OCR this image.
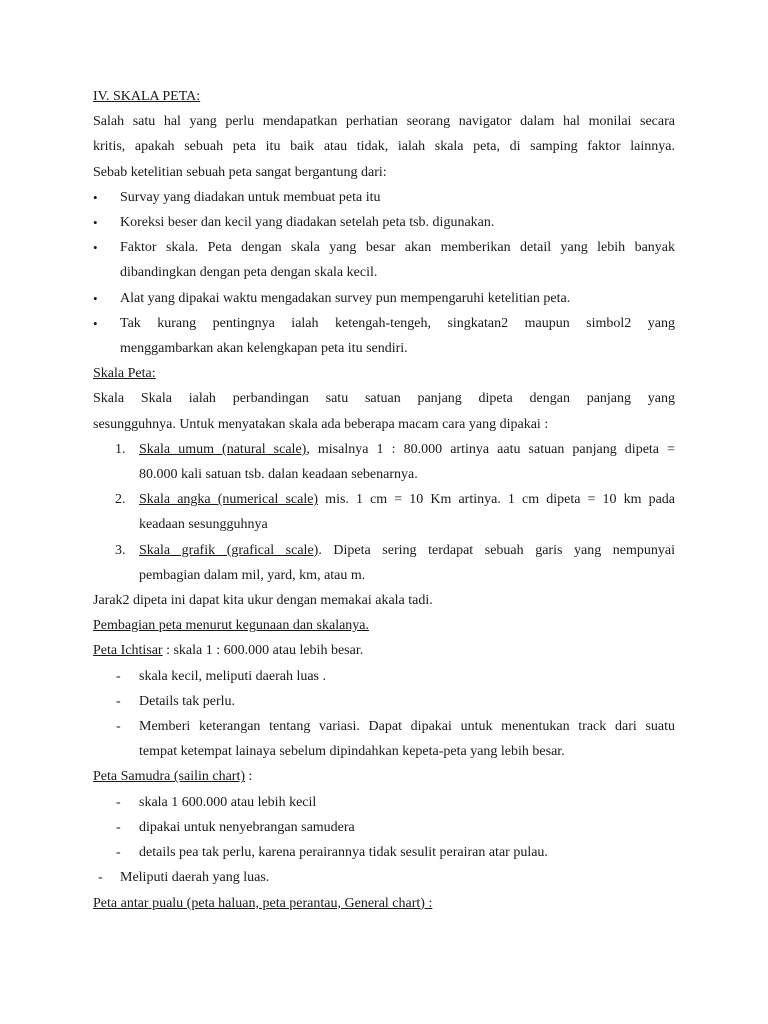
IV. SKALA PETA:
Salah satu hal yang perlu mendapatkan perhatian seorang navigator dalam hal monilai secara
kritis, apakah sebuah peta itu baik atau tidak, ialah skala peta, di samping faktor lainnya.
Sebab ketelitian sebuah peta sangat bergantung dari:
• Survay yang diadakan untuk membuat peta itu
• Koreksi beser dan kecil yang diadakan setelah peta tsb. digunakan.
• Faktor skala. Peta dengan skala yang besar akan memberikan detail yang lebih banyak
dibandingkan dengan peta dengan skala kecil.
• Alat yang dipakai waktu mengadakan survey pun mempengaruhi ketelitian peta.
• Tak kurang pentingnya ialah ketengah-tengeh, singkatan2 maupun simbol2 yang
menggambarkan akan kelengkapan peta itu sendiri.
Skala Peta:
Skala Skala ialah perbandingan satu satuan panjang dipeta dengan panjang yang
sesungguhnya. Untuk menyatakan skala ada beberapa macam cara yang dipakai :
1. Skala umum (natural scale), misalnya 1 : 80.000 artinya aatu satuan panjang dipeta =
80.000 kali satuan tsb. dalan keadaan sebenarnya.
2. Skala angka (numerical scale) mis. 1 cm = 10 Km artinya. 1 cm dipeta = 10 km pada
keadaan sesungguhnya
3. Skala grafik (grafical scale). Dipeta sering terdapat sebuah garis yang nempunyai
pembagian dalam mil, yard, km, atau m.
Jarak2 dipeta ini dapat kita ukur dengan memakai akala tadi.
Pembagian peta menurut kegunaan dan skalanya.
Peta Ichtisar : skala 1 : 600.000 atau lebih besar.
- skala kecil, meliputi daerah luas .
- Details tak perlu.
- Memberi keterangan tentang variasi. Dapat dipakai untuk menentukan track dari suatu
tempat ketempat lainaya sebelum dipindahkan kepeta-peta yang lebih besar.
Peta Samudra (sailin chart) :
- skala 1 600.000 atau lebih kecil
- dipakai untuk nenyebrangan samudera
- details pea tak perlu, karena perairannya tidak sesulit perairan atar pulau.
- Meliputi daerah yang luas.
Peta antar pualu (peta haluan, peta perantau, General chart) :
